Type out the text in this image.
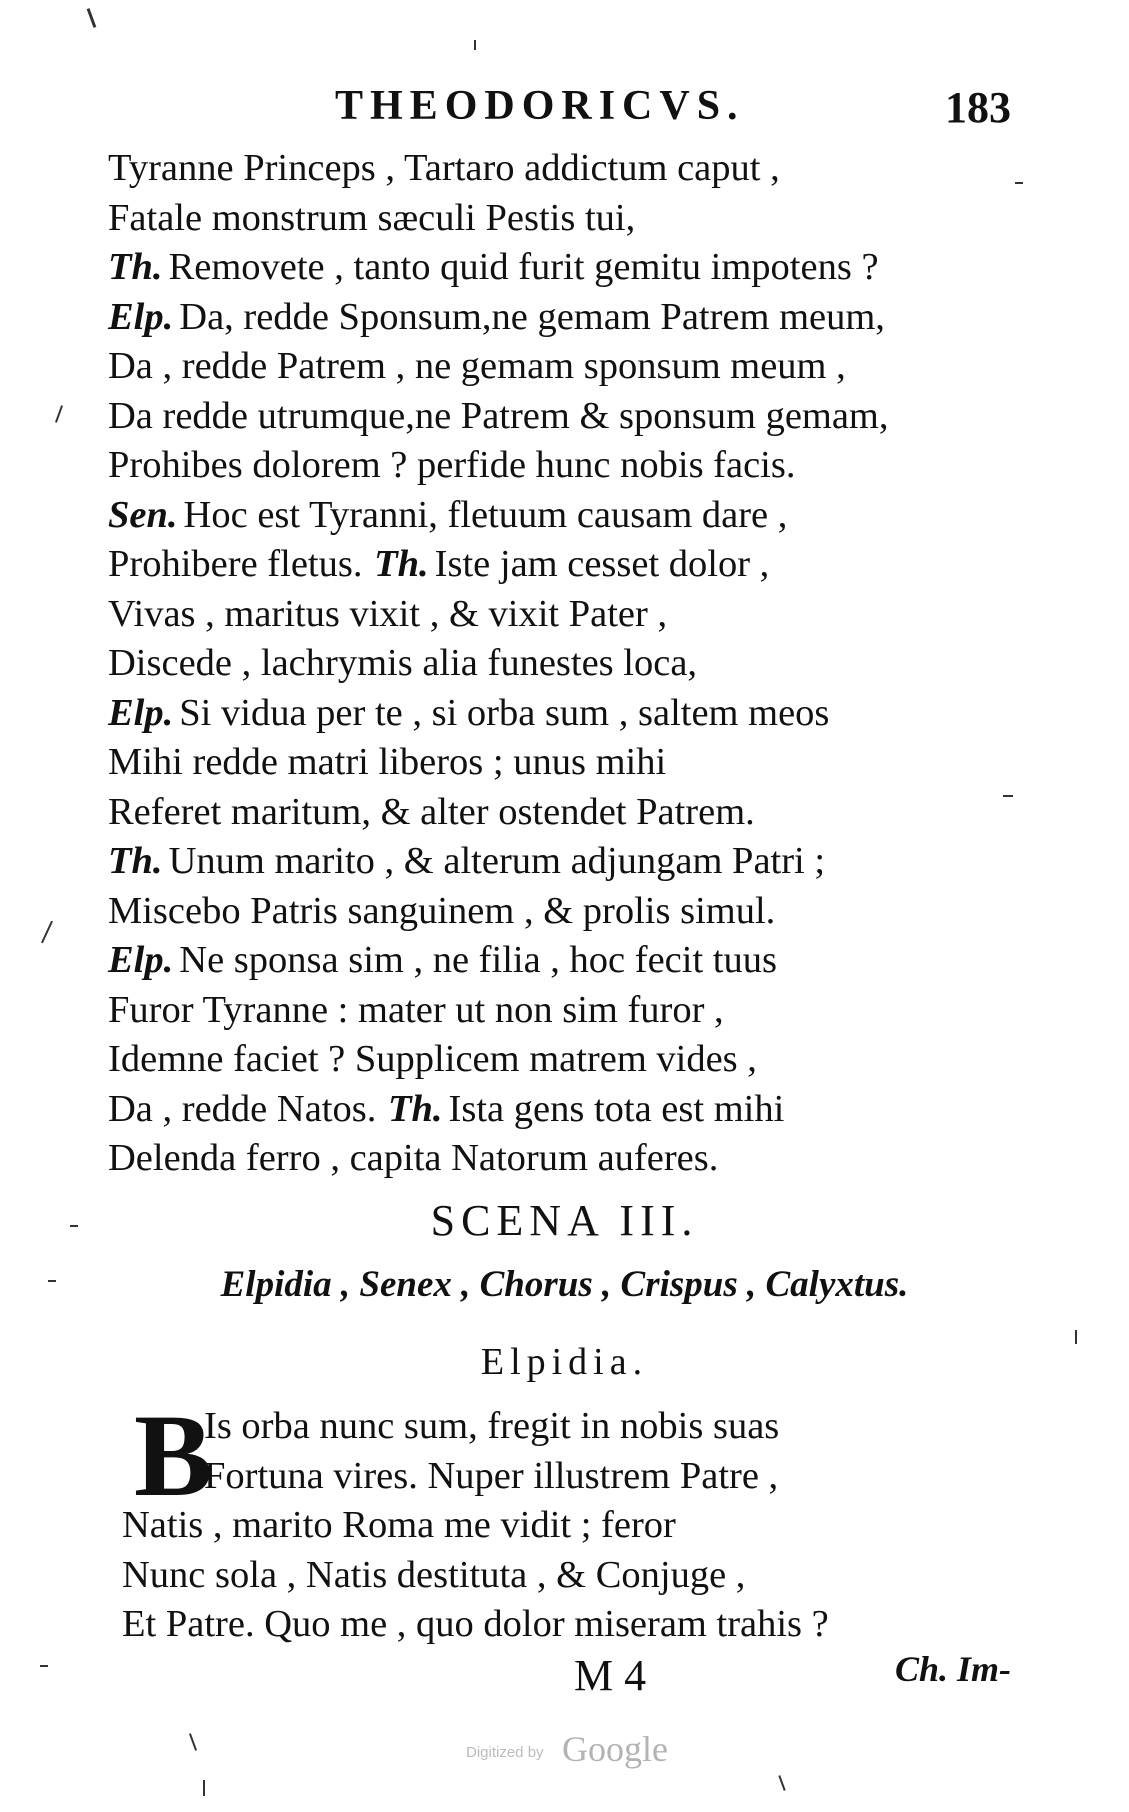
THEODORICVS.	183
Tyranne Princeps , Tartaro addictum caput ,
Fatale monstrum sæculi Pestis tui,
Th. Removete , tanto quid furit gemitu impotens ?
Elp. Da, redde Sponsum,ne gemam Patrem meum,
Da , redde Patrem , ne gemam sponsum meum ,
Da redde utrumque,ne Patrem & sponsum gemam,
Prohibes dolorem ? perfide hunc nobis facis.
Sen. Hoc est Tyranni, fletuum causam dare ,
Prohibere fletus. Th. Iste jam cesset dolor ,
Vivas , maritus vixit , & vixit Pater ,
Discede , lachrymis alia funestes loca,
Elp. Si vidua per te , si orba sum , saltem meos
Mihi redde matri liberos ; unus mihi
Referet maritum, & alter ostendet Patrem.
Th. Unum marito , & alterum adjungam Patri ;
Miscebo Patris sanguinem , & prolis simul.
Elp. Ne sponsa sim , ne filia , hoc fecit tuus
Furor Tyranne : mater ut non sim furor ,
Idemne faciet ? Supplicem matrem vides ,
Da , redde Natos. Th. Ista gens tota est mihi
Delenda ferro , capita Natorum auferes.
SCENA III.
Elpidia , Senex , Chorus , Crispus , Calyxtus.
Elpidia.
B
Is orba nunc sum, fregit in nobis suas
Fortuna vires. Nuper illustrem Patre ,
Natis , marito Roma me vidit ; feror
Nunc sola , Natis destituta , & Conjuge ,
Et Patre. Quo me , quo dolor miseram trahis ?
M 4	Ch. Im-
Digitized by Google
